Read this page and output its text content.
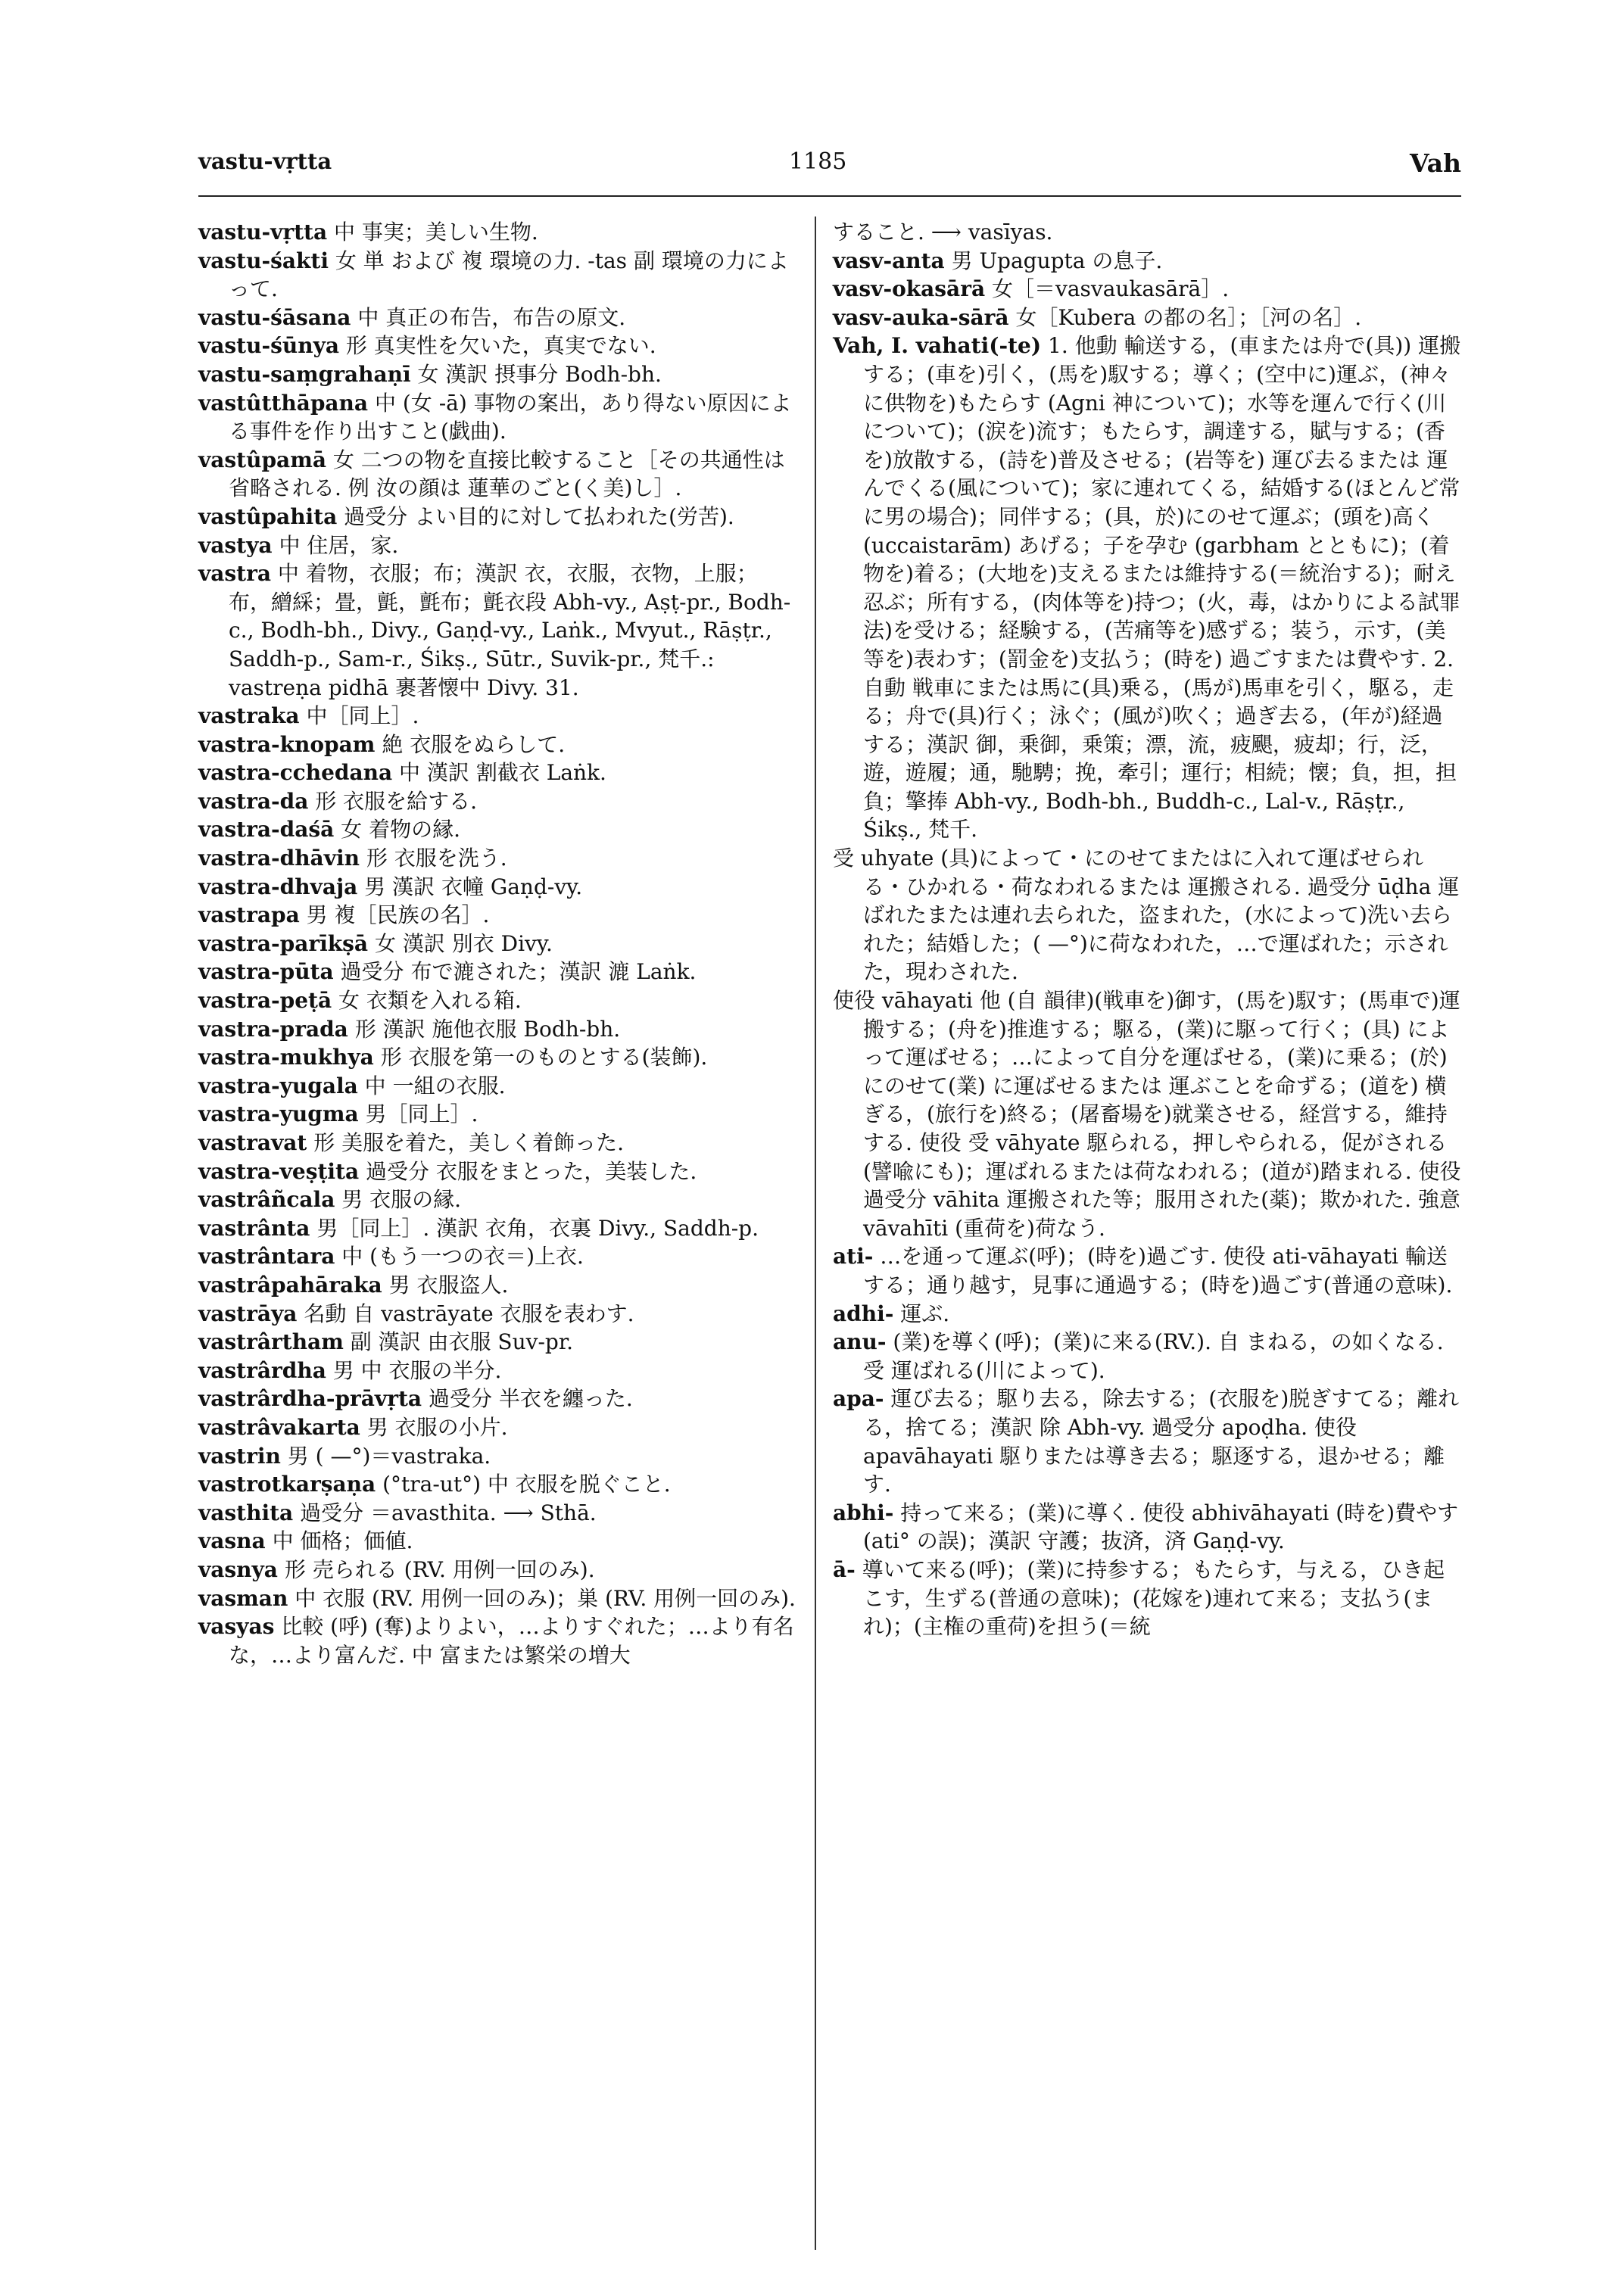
vastu-vṛtta	1185	Vah

vastu-vṛtta 中 事実；美しい生物.

vastu-śakti 女 単 および 複 環境の力. -tas 副 環境の力によって.

vastu-śāsana 中 真正の布告，布告の原文.

vastu-śūnya 形 真実性を欠いた，真実でない.

vastu-saṃgrahaṇī 女 漢訳 摂事分 Bodh-bh.

vastûtthāpana 中 (女 -ā) 事物の案出，あり得ない原因による事件を作り出すこと(戯曲).

vastûpamā 女 二つの物を直接比較すること［その共通性は省略される. 例 汝の顔は 蓮華のごと(く美)し］.

vastûpahita 過受分 よい目的に対して払われた(労苦).

vastya 中 住居，家.

vastra 中 着物，衣服；布；漢訳 衣，衣服，衣物，上服；布，繒綵；畳，氈，氈布；氈衣段 Abh-vy., Aṣṭ-pr., Bodh-c., Bodh-bh., Divy., Gaṇḍ-vy., Laṅk., Mvyut., Rāṣṭr., Saddh-p., Sam-r., Śikṣ., Sūtr., Suvik-pr., 梵千.: vastreṇa pidhā 裹著懐中 Divy. 31.

vastraka 中［同上］.

vastra-knopam 絶 衣服をぬらして.

vastra-cchedana 中 漢訳 割截衣 Laṅk.

vastra-da 形 衣服を給する.

vastra-daśā 女 着物の縁.

vastra-dhāvin 形 衣服を洗う.

vastra-dhvaja 男 漢訳 衣幢 Gaṇḍ-vy.

vastrapa 男 複［民族の名］.

vastra-parīkṣā 女 漢訳 別衣 Divy.

vastra-pūta 過受分 布で漉された；漢訳 漉 Laṅk.

vastra-peṭā 女 衣類を入れる箱.

vastra-prada 形 漢訳 施他衣服 Bodh-bh.

vastra-mukhya 形 衣服を第一のものとする(装飾).

vastra-yugala 中 一組の衣服.

vastra-yugma 男［同上］.

vastravat 形 美服を着た，美しく着飾った.

vastra-veṣṭita 過受分 衣服をまとった，美装した.

vastrâñcala 男 衣服の縁.

vastrânta 男［同上］. 漢訳 衣角，衣裏 Divy., Saddh-p.

vastrântara 中 (もう一つの衣＝)上衣.

vastrâpahāraka 男 衣服盗人.

vastrāya 名動 自 vastrāyate 衣服を表わす.

vastrârtham 副 漢訳 由衣服 Suv-pr.

vastrârdha 男 中 衣服の半分.

vastrârdha-prāvṛta 過受分 半衣を纏った.

vastrâvakarta 男 衣服の小片.

vastrin 男 ( —°)＝vastraka.

vastrotkarṣaṇa (°tra-ut°) 中 衣服を脱ぐこと.

vasthita 過受分 ＝avasthita. ⟶ Sthā.

vasna 中 価格；価値.

vasnya 形 売られる (RV. 用例一回のみ).

vasman 中 衣服 (RV. 用例一回のみ)；巣 (RV. 用例一回のみ).

vasyas 比較 (呼) (奪)よりよい，…よりすぐれた；…より有名な，…より富んだ. 中 富または繁栄の増大

すること. ⟶ vasīyas.

vasv-anta 男 Upagupta の息子.

vasv-okasārā 女［＝vasvaukasārā］.

vasv-auka-sārā 女［Kubera の都の名］；［河の名］.

Vah, I. vahati(-te) 1. 他動 輸送する，(車または舟で(具)) 運搬する；(車を)引く，(馬を)馭する；導く；(空中に)運ぶ，(神々に供物を)もたらす (Agni 神について)；水等を運んで行く(川について)；(涙を)流す；もたらす，調達する，賦与する；(香を)放散する，(詩を)普及させる；(岩等を) 運び去るまたは 運んでくる(風について)；家に連れてくる，結婚する(ほとんど常に男の場合)；同伴する；(具，於)にのせて運ぶ；(頭を)高く (uccaistarām) あげる；子を孕む (garbham とともに)；(着物を)着る；(大地を)支えるまたは維持する(＝統治する)；耐え忍ぶ；所有する，(肉体等を)持つ；(火，毒，はかりによる試罪法)を受ける；経験する，(苦痛等を)感ずる；装う，示す，(美等を)表わす；(罰金を)支払う；(時を) 過ごすまたは費やす. 2. 自動 戦車にまたは馬に(具)乗る，(馬が)馬車を引く，駆る，走る；舟で(具)行く；泳ぐ；(風が)吹く；過ぎ去る，(年が)経過する；漢訳 御，乗御，乗策；漂，流，疲颶，疲却；行，泛，遊，遊履；通，馳騁；挽，牽引；運行；相続；懐；負，担，担負；擎捧 Abh-vy., Bodh-bh., Buddh-c., Lal-v., Rāṣṭr., Śikṣ., 梵千.

受 uhyate (具)によって・にのせてまたはに入れて運ばせられる・ひかれる・荷なわれるまたは 運搬される. 過受分 ūḍha 運ばれたまたは連れ去られた，盗まれた，(水によって)洗い去られた；結婚した；( —°)に荷なわれた，…で運ばれた；示された，現わされた.

使役 vāhayati 他 (自 韻律)(戦車を)御す，(馬を)馭す；(馬車で)運搬する；(舟を)推進する；駆る，(業)に駆って行く；(具) によって運ばせる；…によって自分を運ばせる，(業)に乗る；(於)にのせて(業) に運ばせるまたは 運ぶことを命ずる；(道を) 横ぎる，(旅行を)終る；(屠畜場を)就業させる，経営する，維持する. 使役 受 vāhyate 駆られる，押しやられる，促がされる(譬喩にも)；運ばれるまたは荷なわれる；(道が)踏まれる. 使役 過受分 vāhita 運搬された等；服用された(薬)；欺かれた. 強意 vāvahīti (重荷を)荷なう.

ati- …を通って運ぶ(呼)；(時を)過ごす. 使役 ati-vāhayati 輸送する；通り越す，見事に通過する；(時を)過ごす(普通の意味).

adhi- 運ぶ.

anu- (業)を導く(呼)；(業)に来る(RV.). 自 まねる，の如くなる. 受 運ばれる(川によって).

apa- 運び去る；駆り去る，除去する；(衣服を)脱ぎすてる；離れる，捨てる；漢訳 除 Abh-vy. 過受分 apoḍha. 使役 apavāhayati 駆りまたは導き去る；駆逐する，退かせる；離す.

abhi- 持って来る；(業)に導く. 使役 abhivāhayati (時を)費やす (ati° の誤)；漢訳 守護；抜済，済 Gaṇḍ-vy.

ā- 導いて来る(呼)；(業)に持参する；もたらす，与える，ひき起こす，生ずる(普通の意味)；(花嫁を)連れて来る；支払う(まれ)；(主権の重荷)を担う(＝統
